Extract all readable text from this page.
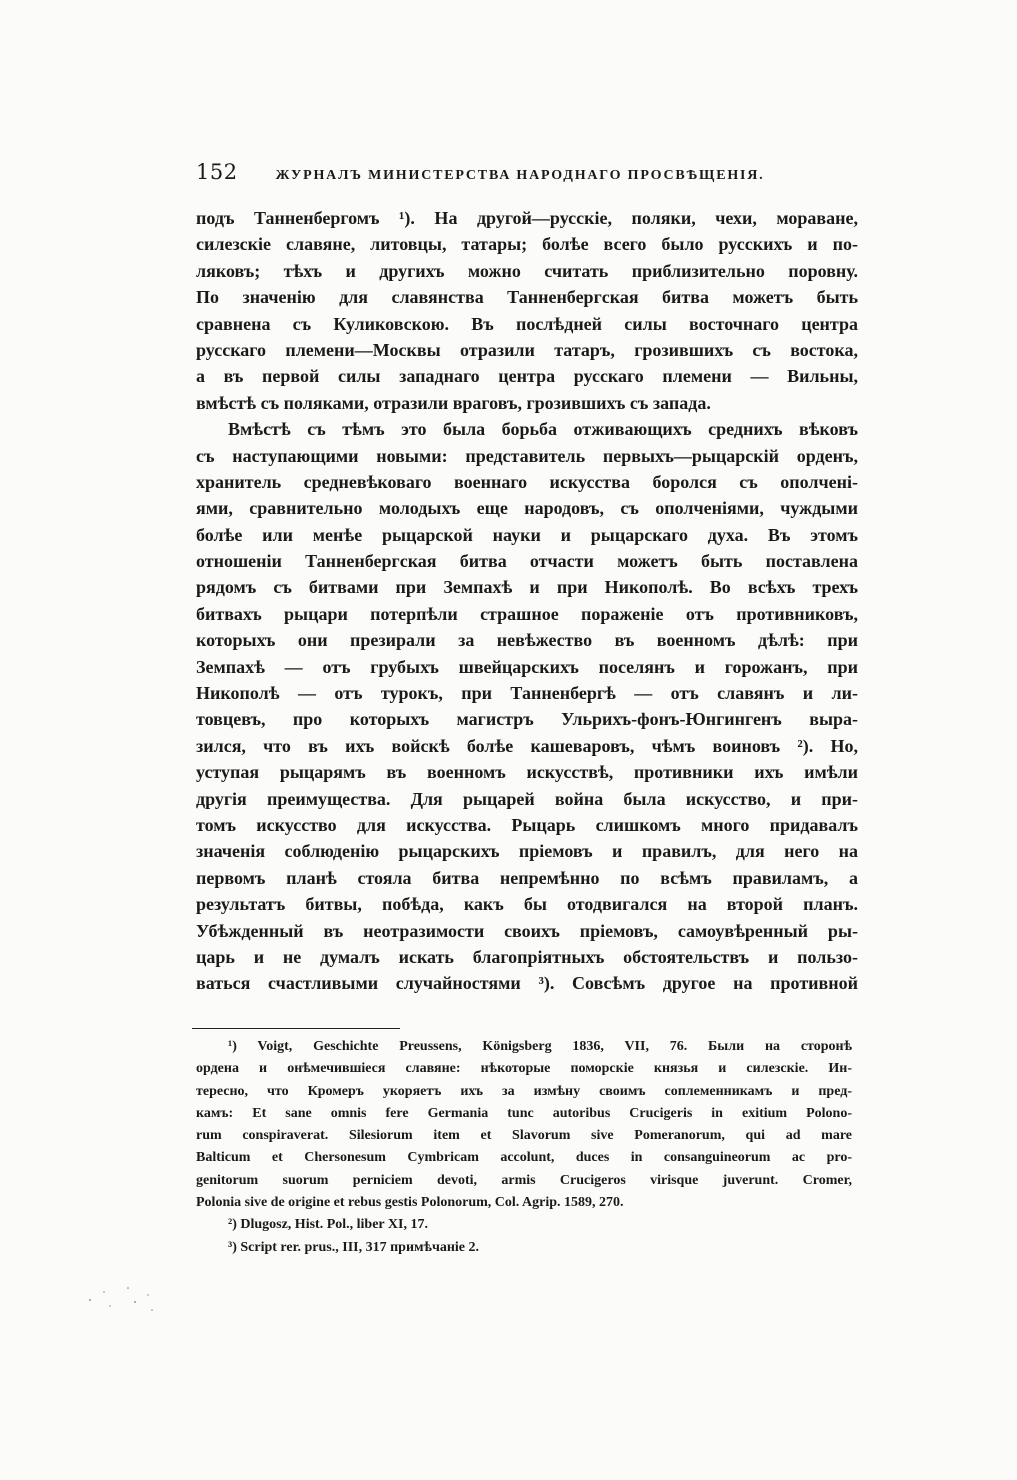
152	ЖУРНАЛЪ МИНИСТЕРСТВА НАРОДНАГО ПРОСВѢЩЕНІЯ.
подъ Танненбергомъ ¹). На другой—русскіе, поляки, чехи, мораване,
силезскіе славяне, литовцы, татары; болѣе всего было русскихъ и по-
ляковъ; тѣхъ и другихъ можно считать приблизительно поровну.
По значенію для славянства Танненбергская битва можетъ быть
сравнена съ Куликовскою. Въ послѣдней силы восточнаго центра
русскаго племени—Москвы отразили татаръ, грозившихъ съ востока,
а въ первой силы западнаго центра русскаго племени — Вильны,
вмѣстѣ съ поляками, отразили враговъ, грозившихъ съ запада.
Вмѣстѣ съ тѣмъ это была борьба отживающихъ среднихъ вѣковъ
съ наступающими новыми: представитель первыхъ—рыцарскій орденъ,
хранитель средневѣковаго военнаго искусства боролся съ ополчені-
ями, сравнительно молодыхъ еще народовъ, съ ополченіями, чуждыми
болѣе или менѣе рыцарской науки и рыцарскаго духа. Въ этомъ
отношеніи Танненбергская битва отчасти можетъ быть поставлена
рядомъ съ битвами при Земпахѣ и при Никополѣ. Во всѣхъ трехъ
битвахъ рыцари потерпѣли страшное пораженіе отъ противниковъ,
которыхъ они презирали за невѣжество въ военномъ дѣлѣ: при
Земпахѣ — отъ грубыхъ швейцарскихъ поселянъ и горожанъ, при
Никополѣ — отъ турокъ, при Танненбергѣ — отъ славянъ и ли-
товцевъ, про которыхъ магистръ Ульрихъ-фонъ-Юнгингенъ выра-
зился, что въ ихъ войскѣ болѣе кашеваровъ, чѣмъ воиновъ ²). Но,
уступая рыцарямъ въ военномъ искусствѣ, противники ихъ имѣли
другія преимущества. Для рыцарей война была искусство, и при-
томъ искусство для искусства. Рыцарь слишкомъ много придавалъ
значенія соблюденію рыцарскихъ пріемовъ и правилъ, для него на
первомъ планѣ стояла битва непремѣнно по всѣмъ правиламъ, а
результатъ битвы, побѣда, какъ бы отодвигался на второй планъ.
Убѣжденный въ неотразимости своихъ пріемовъ, самоувѣренный ры-
царь и не думалъ искать благопріятныхъ обстоятельствъ и пользо-
ваться счастливыми случайностями ³). Совсѣмъ другое на противной
¹) Voigt, Geschichte Preussens, Königsberg 1836, VII, 76. Были на сторонѣ
ордена и онѣмечившіеся славяне: нѣкоторые поморскіе князья и силезскіе. Ин-
тересно, что Кромеръ укоряетъ ихъ за измѣну своимъ соплеменникамъ и пред-
камъ: Et sane omnis fere Germania tunc autoribus Crucigeris in exitium Polono-
rum conspiraverat. Silesiorum item et Slavorum sive Pomeranorum, qui ad mare
Balticum et Chersonesum Cymbricam accolunt, duces in consanguineorum ac pro-
genitorum suorum perniciem devoti, armis Crucigeros virisque juverunt. Cromer,
Polonia sive de origine et rebus gestis Polonorum, Col. Agrip. 1589, 270.
²) Dlugosz, Hist. Pol., liber XI, 17.
³) Script rer. prus., III, 317 примѣчаніе 2.
